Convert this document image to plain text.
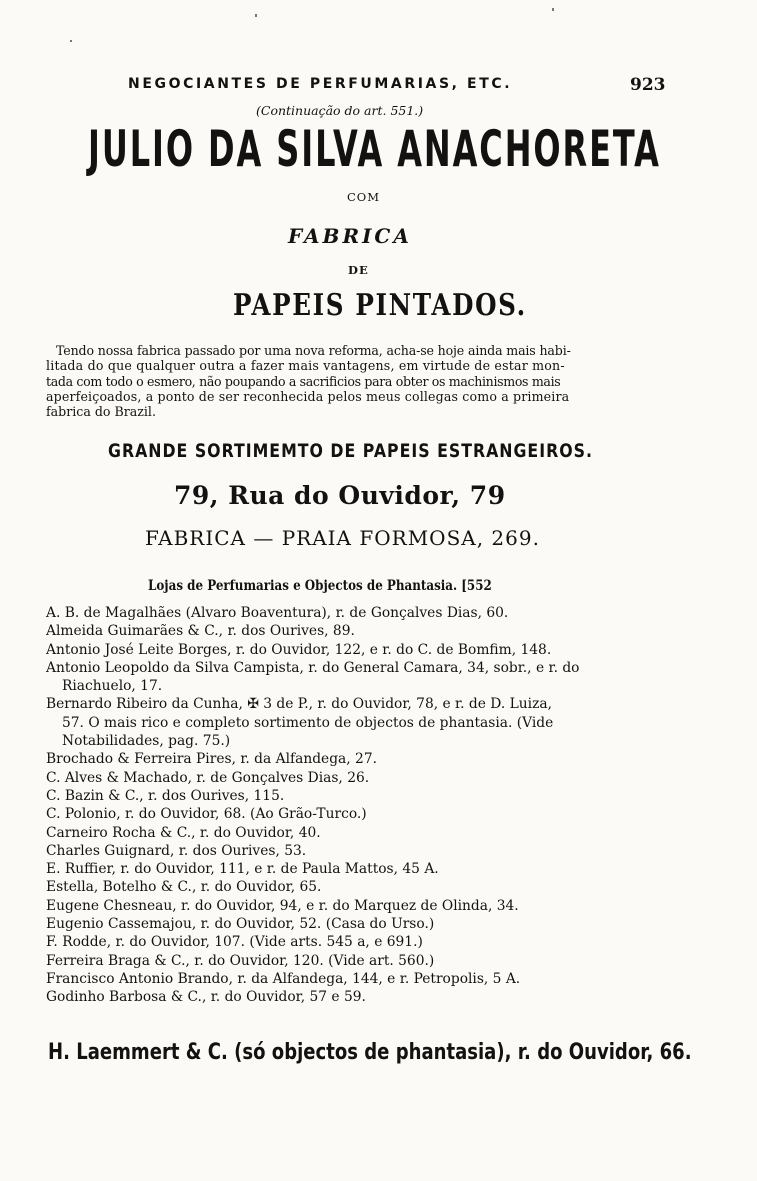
NEGOCIANTES DE PERFUMARIAS, ETC.	923
(Continuação do art. 551.)
JULIO DA SILVA ANACHORETA
COM
FABRICA
DE
PAPEIS PINTADOS.
Tendo nossa fabrica passado por uma nova reforma, acha-se hoje ainda mais habi-
litada do que qualquer outra a fazer mais vantagens, em virtude de estar mon-
tada com todo o esmero, não poupando a sacrificios para obter os machinismos mais
aperfeiçoados, a ponto de ser reconhecida pelos meus collegas como a primeira
fabrica do Brazil.
GRANDE SORTIMEMTO DE PAPEIS ESTRANGEIROS.
79, Rua do Ouvidor, 79
FABRICA — PRAIA FORMOSA, 269.
Lojas de Perfumarias e Objectos de Phantasia. [552
A. B. de Magalhães (Alvaro Boaventura), r. de Gonçalves Dias, 60.
Almeida Guimarães & C., r. dos Ourives, 89.
Antonio José Leite Borges, r. do Ouvidor, 122, e r. do C. de Bomfim, 148.
Antonio Leopoldo da Silva Campista, r. do General Camara, 34, sobr., e r. do
Riachuelo, 17.
Bernardo Ribeiro da Cunha, ✠ 3 de P., r. do Ouvidor, 78, e r. de D. Luiza,
57. O mais rico e completo sortimento de objectos de phantasia. (Vide
Notabilidades, pag. 75.)
Brochado & Ferreira Pires, r. da Alfandega, 27.
C. Alves & Machado, r. de Gonçalves Dias, 26.
C. Bazin & C., r. dos Ourives, 115.
C. Polonio, r. do Ouvidor, 68. (Ao Grão-Turco.)
Carneiro Rocha & C., r. do Ouvidor, 40.
Charles Guignard, r. dos Ourives, 53.
E. Ruffier, r. do Ouvidor, 111, e r. de Paula Mattos, 45 A.
Estella, Botelho & C., r. do Ouvidor, 65.
Eugene Chesneau, r. do Ouvidor, 94, e r. do Marquez de Olinda, 34.
Eugenio Cassemajou, r. do Ouvidor, 52. (Casa do Urso.)
F. Rodde, r. do Ouvidor, 107. (Vide arts. 545 a, e 691.)
Ferreira Braga & C., r. do Ouvidor, 120. (Vide art. 560.)
Francisco Antonio Brando, r. da Alfandega, 144, e r. Petropolis, 5 A.
Godinho Barbosa & C., r. do Ouvidor, 57 e 59.
H. Laemmert & C. (só objectos de phantasia), r. do Ouvidor, 66.
